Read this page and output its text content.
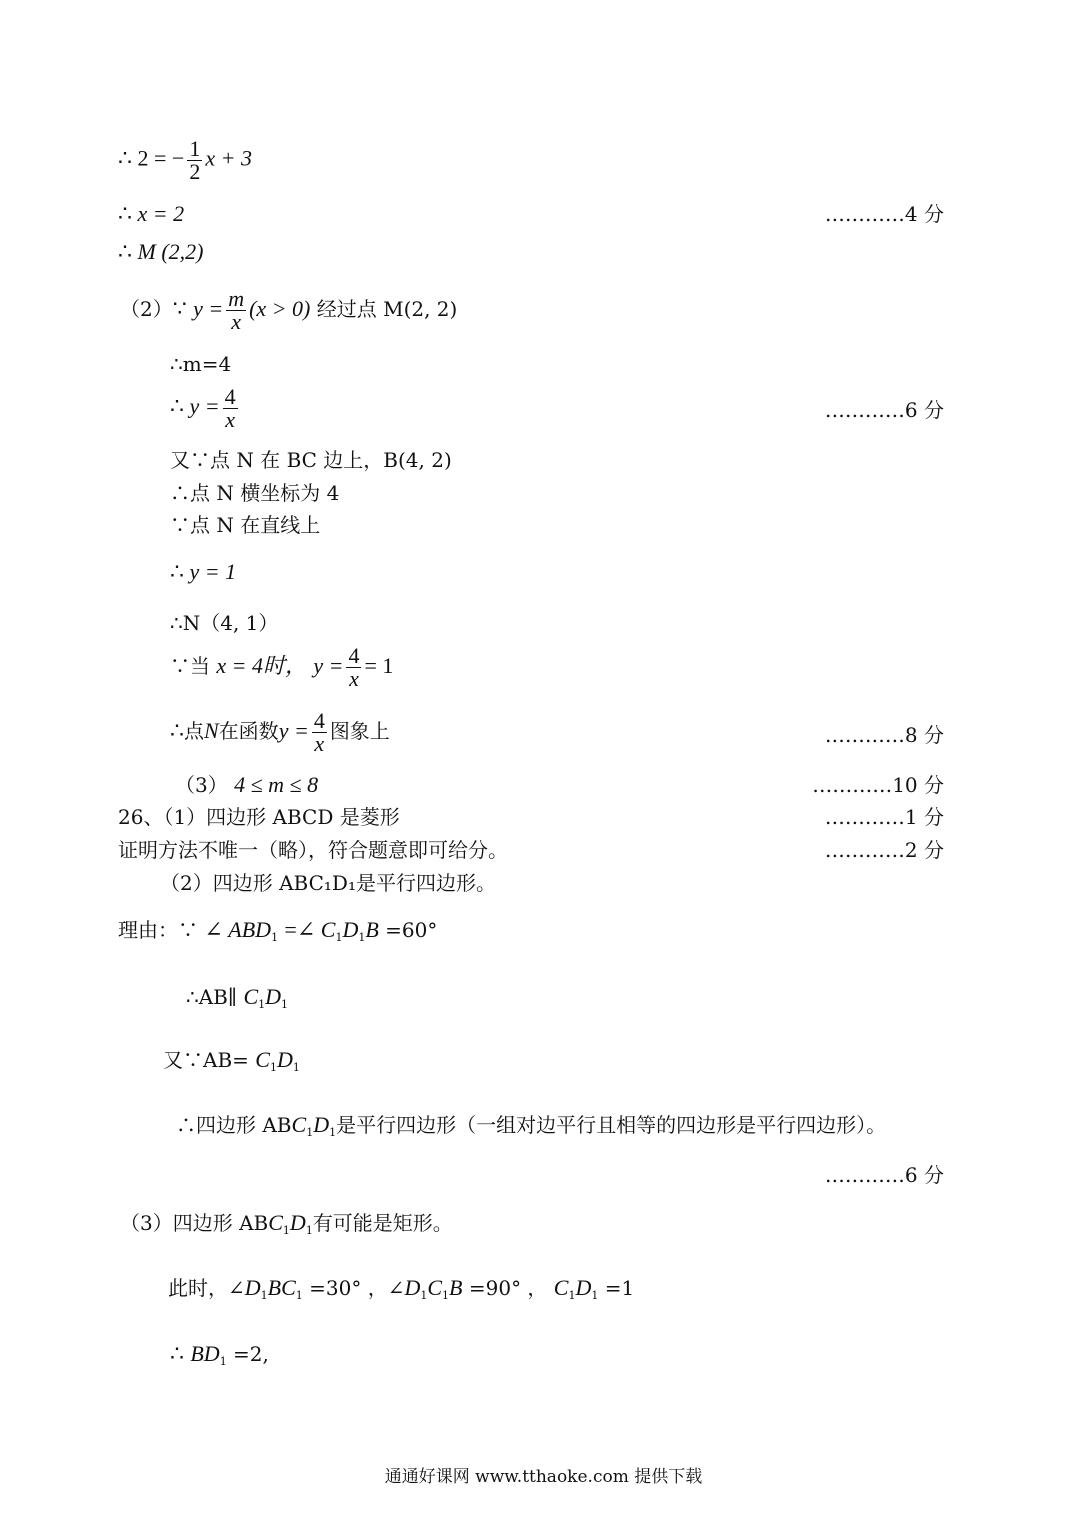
∴ 2 = − $\frac{1}{2}$ x + 3
∴ x = 2	…………4 分
∴ M (2,2)
（2）∵ $y = \frac{m}{x} (x > 0)$ 经过点 M(2, 2)
∴m=4
∴ $y = \frac{4}{x}$	…………6 分
又∵点 N 在 BC 边上，B(4, 2)
∴点 N 横坐标为 4
∵点 N 在直线上
∴ y = 1
∴N（4, 1）
∵当 x = 4时， $y = \frac{4}{x} = 1$
∴点N在函数$y = \frac{4}{x}$ 图象上	…………8 分
（3） 4 ≤ m ≤ 8	…………10 分
26、（1）四边形 ABCD 是菱形	…………1 分
证明方法不唯一（略），符合题意即可给分。	…………2 分
（2）四边形 ABC₁D₁是平行四边形。
理由：∵ ∠ $ABD_1$ =∠ $C_1D_1B =60^\circ$
∴AB∥ $C_1D_1$
又∵AB= $C_1D_1$
∴四边形 $ABC_1D_1$是平行四边形（一组对边平行且相等的四边形是平行四边形）。
…………6 分
（3）四边形 $ABC_1D_1$有可能是矩形。
此时，$\angle D_1BC_1 =30^\circ$ ，$\angle D_1C_1B =90^\circ$ ， $C_1D_1 =1$
∴ $BD_1 =2$,
通通好课网 www.tthaoke.com 提供下载
